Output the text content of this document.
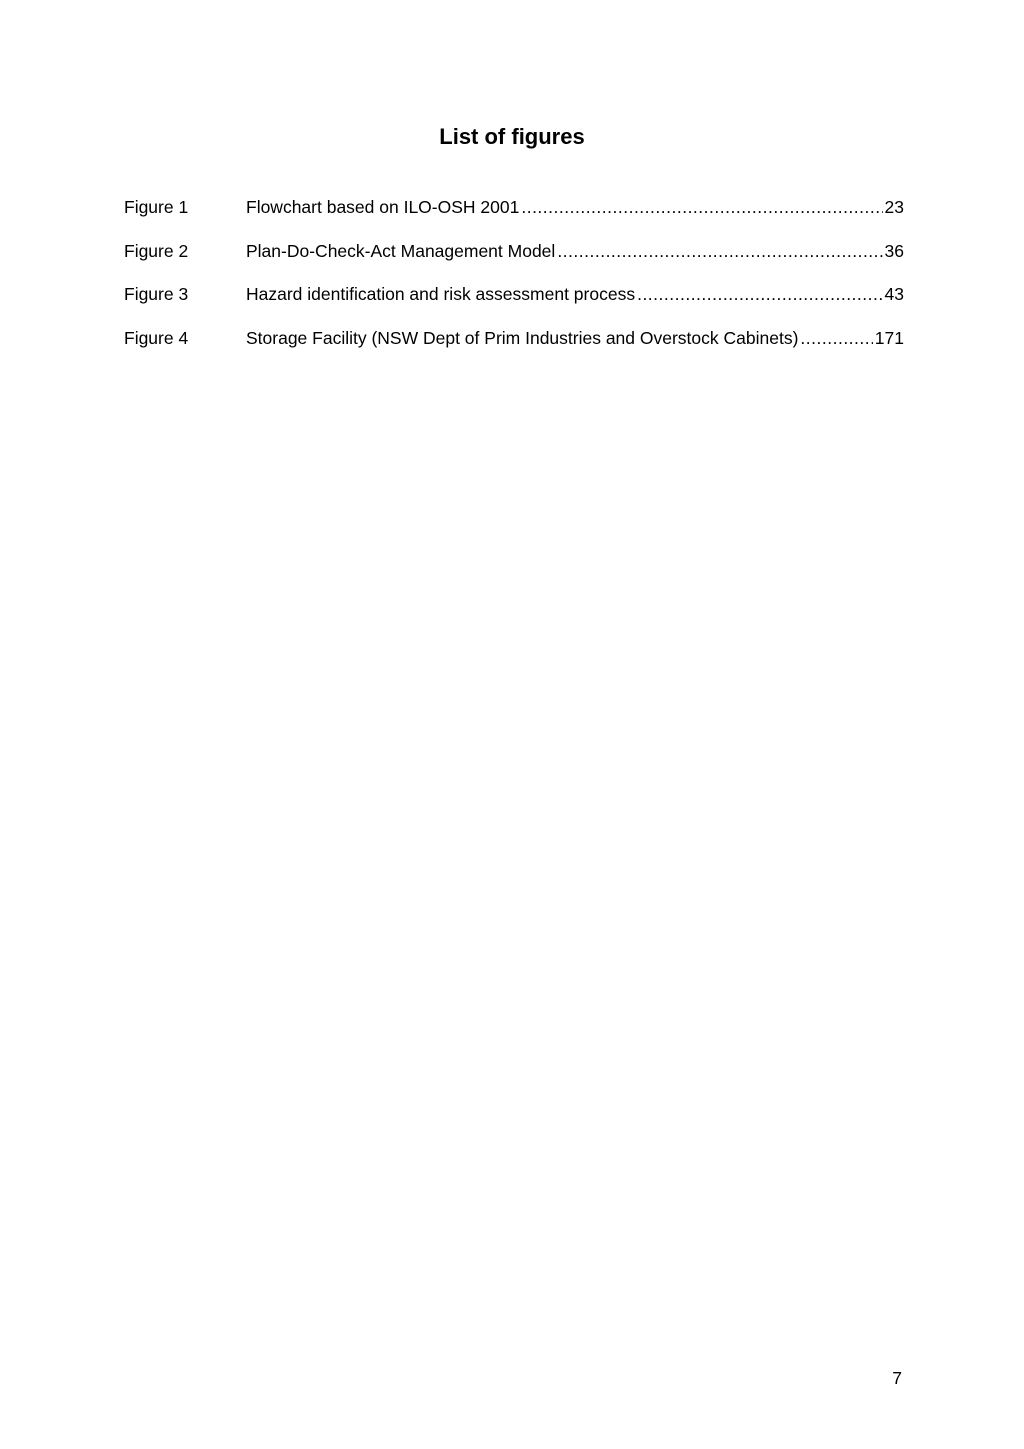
List of figures
Figure 1	Flowchart based on ILO-OSH 2001 .....	23
Figure 2	Plan-Do-Check-Act Management Model .....	36
Figure 3	Hazard identification and risk assessment process .....	43
Figure 4	Storage Facility (NSW Dept of Prim Industries and Overstock Cabinets) .....	171
7
